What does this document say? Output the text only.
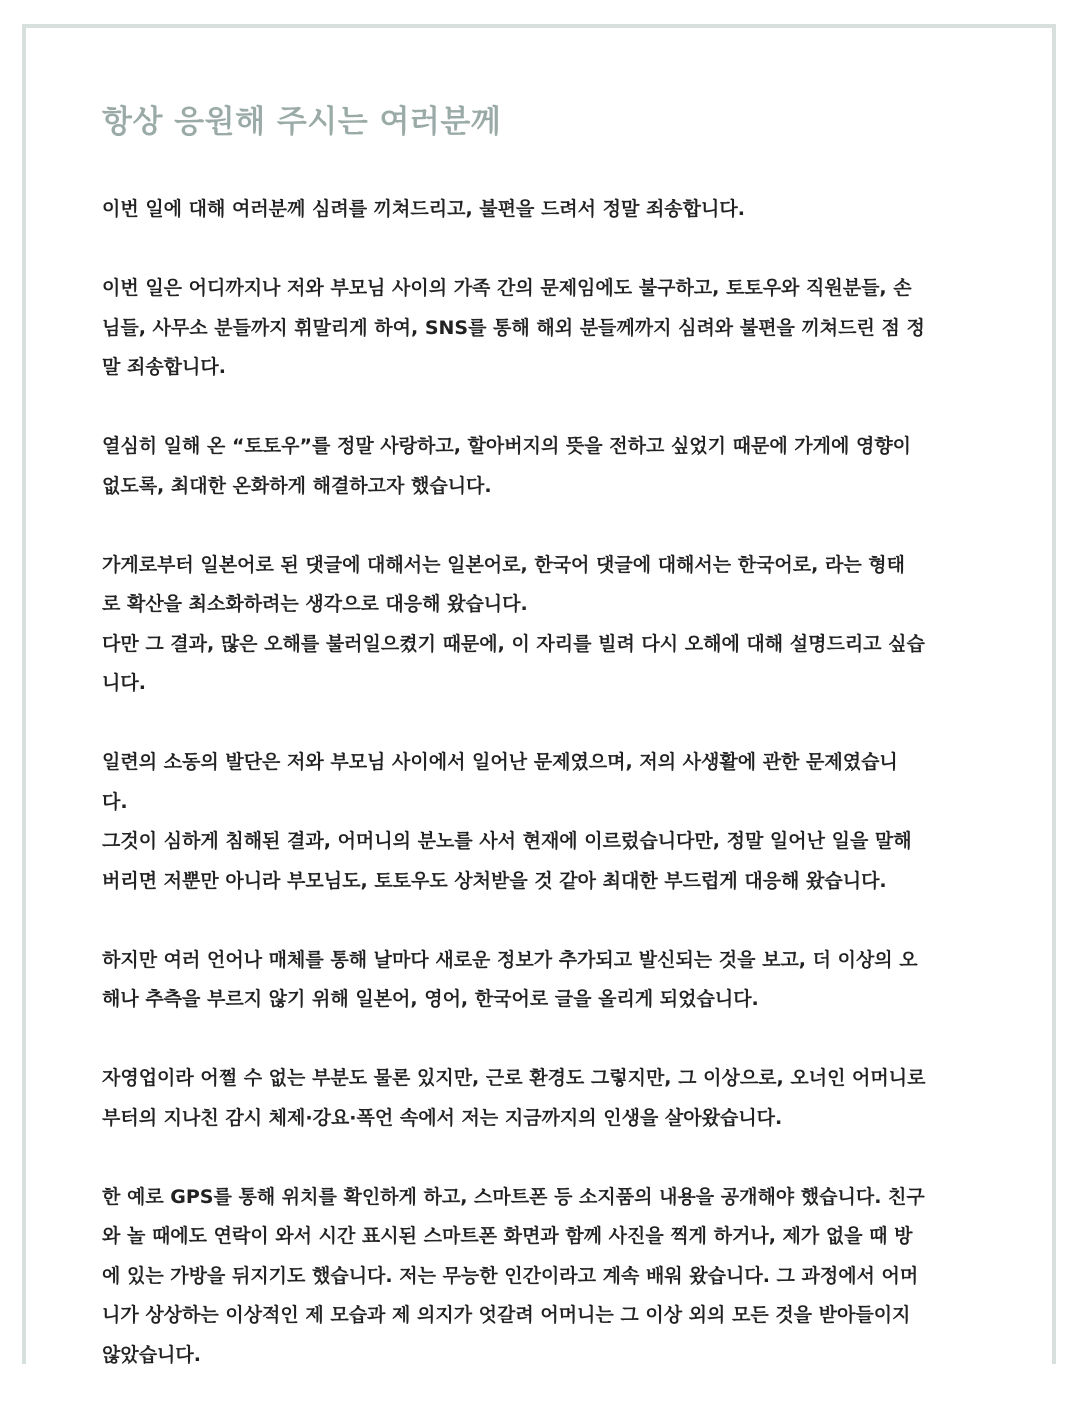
항상 응원해 주시는 여러분께

이번 일에 대해 여러분께 심려를 끼쳐드리고, 불편을 드려서 정말 죄송합니다.

이번 일은 어디까지나 저와 부모님 사이의 가족 간의 문제임에도 불구하고, 토토우와 직원분들, 손
님들, 사무소 분들까지 휘말리게 하여, SNS를 통해 해외 분들께까지 심려와 불편을 끼쳐드린 점 정
말 죄송합니다.

열심히 일해 온 “토토우”를 정말 사랑하고, 할아버지의 뜻을 전하고 싶었기 때문에 가게에 영향이
없도록, 최대한 온화하게 해결하고자 했습니다.

가게로부터 일본어로 된 댓글에 대해서는 일본어로, 한국어 댓글에 대해서는 한국어로, 라는 형태
로 확산을 최소화하려는 생각으로 대응해 왔습니다.
다만 그 결과, 많은 오해를 불러일으켰기 때문에, 이 자리를 빌려 다시 오해에 대해 설명드리고 싶습
니다.

일련의 소동의 발단은 저와 부모님 사이에서 일어난 문제였으며, 저의 사생활에 관한 문제였습니
다.
그것이 심하게 침해된 결과, 어머니의 분노를 사서 현재에 이르렀습니다만, 정말 일어난 일을 말해
버리면 저뿐만 아니라 부모님도, 토토우도 상처받을 것 같아 최대한 부드럽게 대응해 왔습니다.

하지만 여러 언어나 매체를 통해 날마다 새로운 정보가 추가되고 발신되는 것을 보고, 더 이상의 오
해나 추측을 부르지 않기 위해 일본어, 영어, 한국어로 글을 올리게 되었습니다.

자영업이라 어쩔 수 없는 부분도 물론 있지만, 근로 환경도 그렇지만, 그 이상으로, 오너인 어머니로
부터의 지나친 감시 체제·강요·폭언 속에서 저는 지금까지의 인생을 살아왔습니다.

한 예로 GPS를 통해 위치를 확인하게 하고, 스마트폰 등 소지품의 내용을 공개해야 했습니다. 친구
와 놀 때에도 연락이 와서 시간 표시된 스마트폰 화면과 함께 사진을 찍게 하거나, 제가 없을 때 방
에 있는 가방을 뒤지기도 했습니다. 저는 무능한 인간이라고 계속 배워 왔습니다. 그 과정에서 어머
니가 상상하는 이상적인 제 모습과 제 의지가 엇갈려 어머니는 그 이상 외의 모든 것을 받아들이지
않았습니다.
